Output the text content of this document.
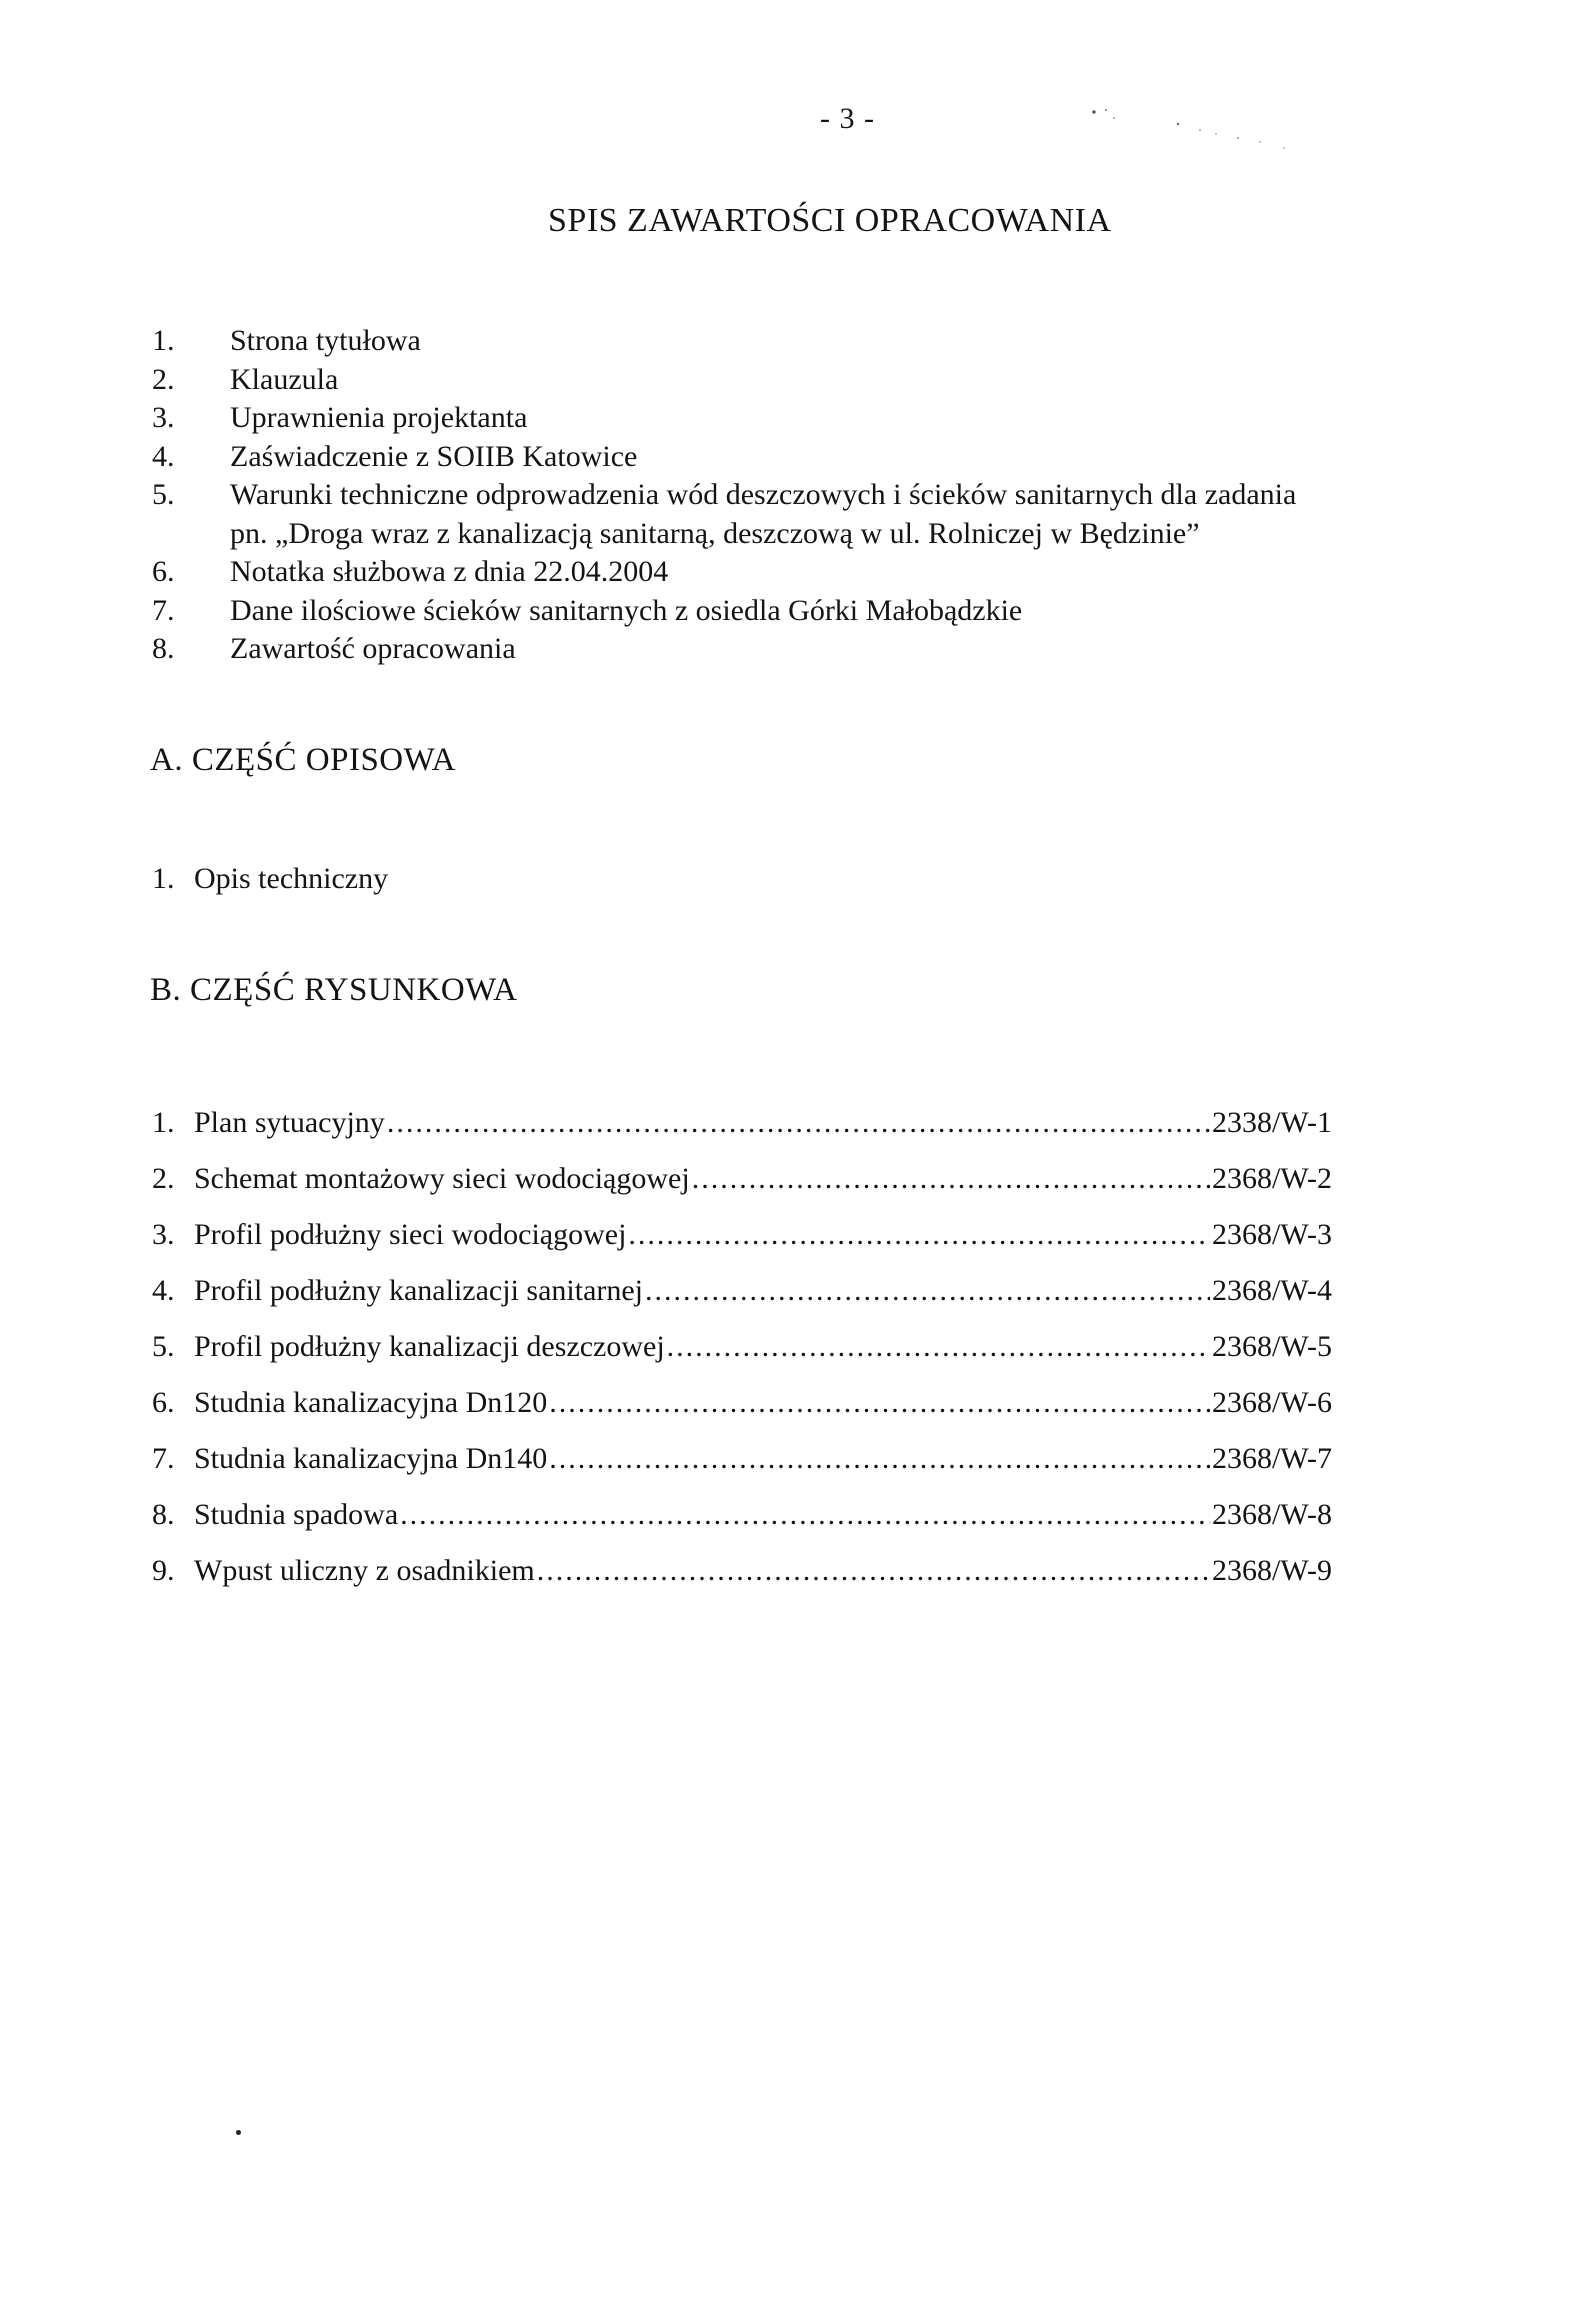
- 3 -
SPIS ZAWARTOŚCI OPRACOWANIA
1.	Strona tytułowa
2.	Klauzula
3.	Uprawnienia projektanta
4.	Zaświadczenie z SOIIB Katowice
5.	Warunki techniczne odprowadzenia wód deszczowych i ścieków sanitarnych dla zadania
pn. „Droga wraz z kanalizacją sanitarną, deszczową w ul. Rolniczej w Będzinie”
6.	Notatka służbowa z dnia 22.04.2004
7.	Dane ilościowe ścieków sanitarnych z osiedla Górki Małobądzkie
8.	Zawartość opracowania
A. CZĘŚĆ OPISOWA
1. Opis techniczny
B. CZĘŚĆ RYSUNKOWA
1. Plan sytuacyjny .....	2338/W-1
2. Schemat montażowy sieci wodociągowej .....	2368/W-2
3. Profil podłużny sieci wodociągowej .....	2368/W-3
4. Profil podłużny kanalizacji sanitarnej .....	2368/W-4
5. Profil podłużny kanalizacji deszczowej .....	2368/W-5
6. Studnia kanalizacyjna Dn120 .....	2368/W-6
7. Studnia kanalizacyjna Dn140 .....	2368/W-7
8. Studnia spadowa .....	2368/W-8
9. Wpust uliczny z osadnikiem .....	2368/W-9
